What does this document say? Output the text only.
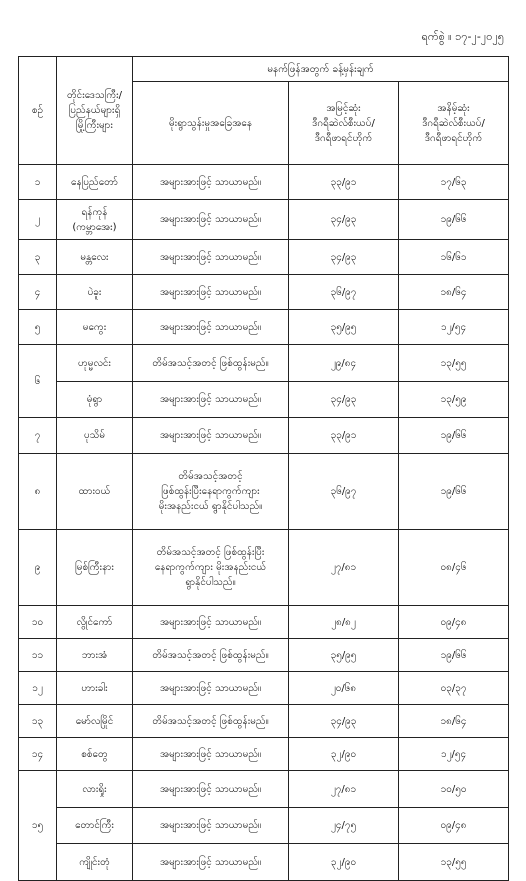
ရက်စွဲ ။ ၁၇-၂-၂၀၂၅
စဉ်	တိုင်းဒေသကြီး/
ပြည်နယ်များရှိ
မြို့ကြီးများ	မနက်ဖြန်အတွက် ခန့်မှန်းချက်		
		မိုးရွာသွန်းမှုအခြေအနေ	အမြင့်ဆုံး
ဒီဂရီဆဲလ်စီးယပ်/
ဒီဂရီဖာရင်ဟိုက်	အနိမ့်ဆုံး
ဒီဂရီဆဲလ်စီးယပ်/
ဒီဂရီဖာရင်ဟိုက်

၁	နေပြည်တော်	အများအားဖြင့် သာယာမည်။	၃၃/၉၁	၁၇/၆၃
၂	ရန်ကုန်
(ကမ္ဘာအေး)	အများအားဖြင့် သာယာမည်။	၃၄/၉၃	၁၉/၆၆
၃	မန္တလေး	အများအားဖြင့် သာယာမည်။	၃၄/၉၃	၁၆/၆၁
၄	ပဲခူး	အများအားဖြင့် သာယာမည်။	၃၆/၉၇	၁၈/၆၄
၅	မကွေး	အများအားဖြင့် သာယာမည်။	၃၅/၉၅	၁၂/၅၄
၆	ဟုမ္မလင်း	တိမ်အသင့်အတင့် ဖြစ်ထွန်းမည်။	၂၉/၈၄	၁၃/၅၅

	မုံရွာ	အများအားဖြင့် သာယာမည်။	၃၄/၉၃	၁၃/၅၉
၇	ပုသိမ်	အများအားဖြင့် သာယာမည်။	၃၃/၉၁	၁၉/၆၆
၈	ထားဝယ်	တိမ်အသင့်အတင့်
ဖြစ်ထွန်းပြီးနေရာကွက်ကျား
မိုးအနည်းငယ် ရွာနိုင်ပါသည်။	၃၆/၉၇	၁၉/၆၆
၉	မြစ်ကြီးနား	တိမ်အသင့်အတင့် ဖြစ်ထွန်းပြီး
နေရာကွက်ကျား မိုးအနည်းငယ်
ရွာနိုင်ပါသည်။	၂၇/၈၁	၀၈/၄၆
၁၀	လွိုင်ကော်	အများအားဖြင့် သာယာမည်။	၂၈/၈၂	၀၉/၄၈
၁၁	ဘားအံ	တိမ်အသင့်အတင့် ဖြစ်ထွန်းမည်။	၃၅/၉၅	၁၉/၆၆
၁၂	ဟားခါး	အများအားဖြင့် သာယာမည်။	၂၀/၆၈	၀၃/၃၇
၁၃	မော်လမြိုင်	တိမ်အသင့်အတင့် ဖြစ်ထွန်းမည်။	၃၄/၉၃	၁၈/၆၄
၁၄	စစ်တွေ	အများအားဖြင့် သာယာမည်။	၃၂/၉၀	၁၂/၅၄
၁၅	လားရှိုး	အများအားဖြင့် သာယာမည်။	၂၇/၈၁	၁၀/၅၀

	တောင်ကြီး	အများအားဖြင့် သာယာမည်။	၂၄/၇၅	၀၉/၄၈

	ကျိုင်းတုံ	အများအားဖြင့် သာယာမည်။	၃၂/၉၀	၁၃/၅၅
